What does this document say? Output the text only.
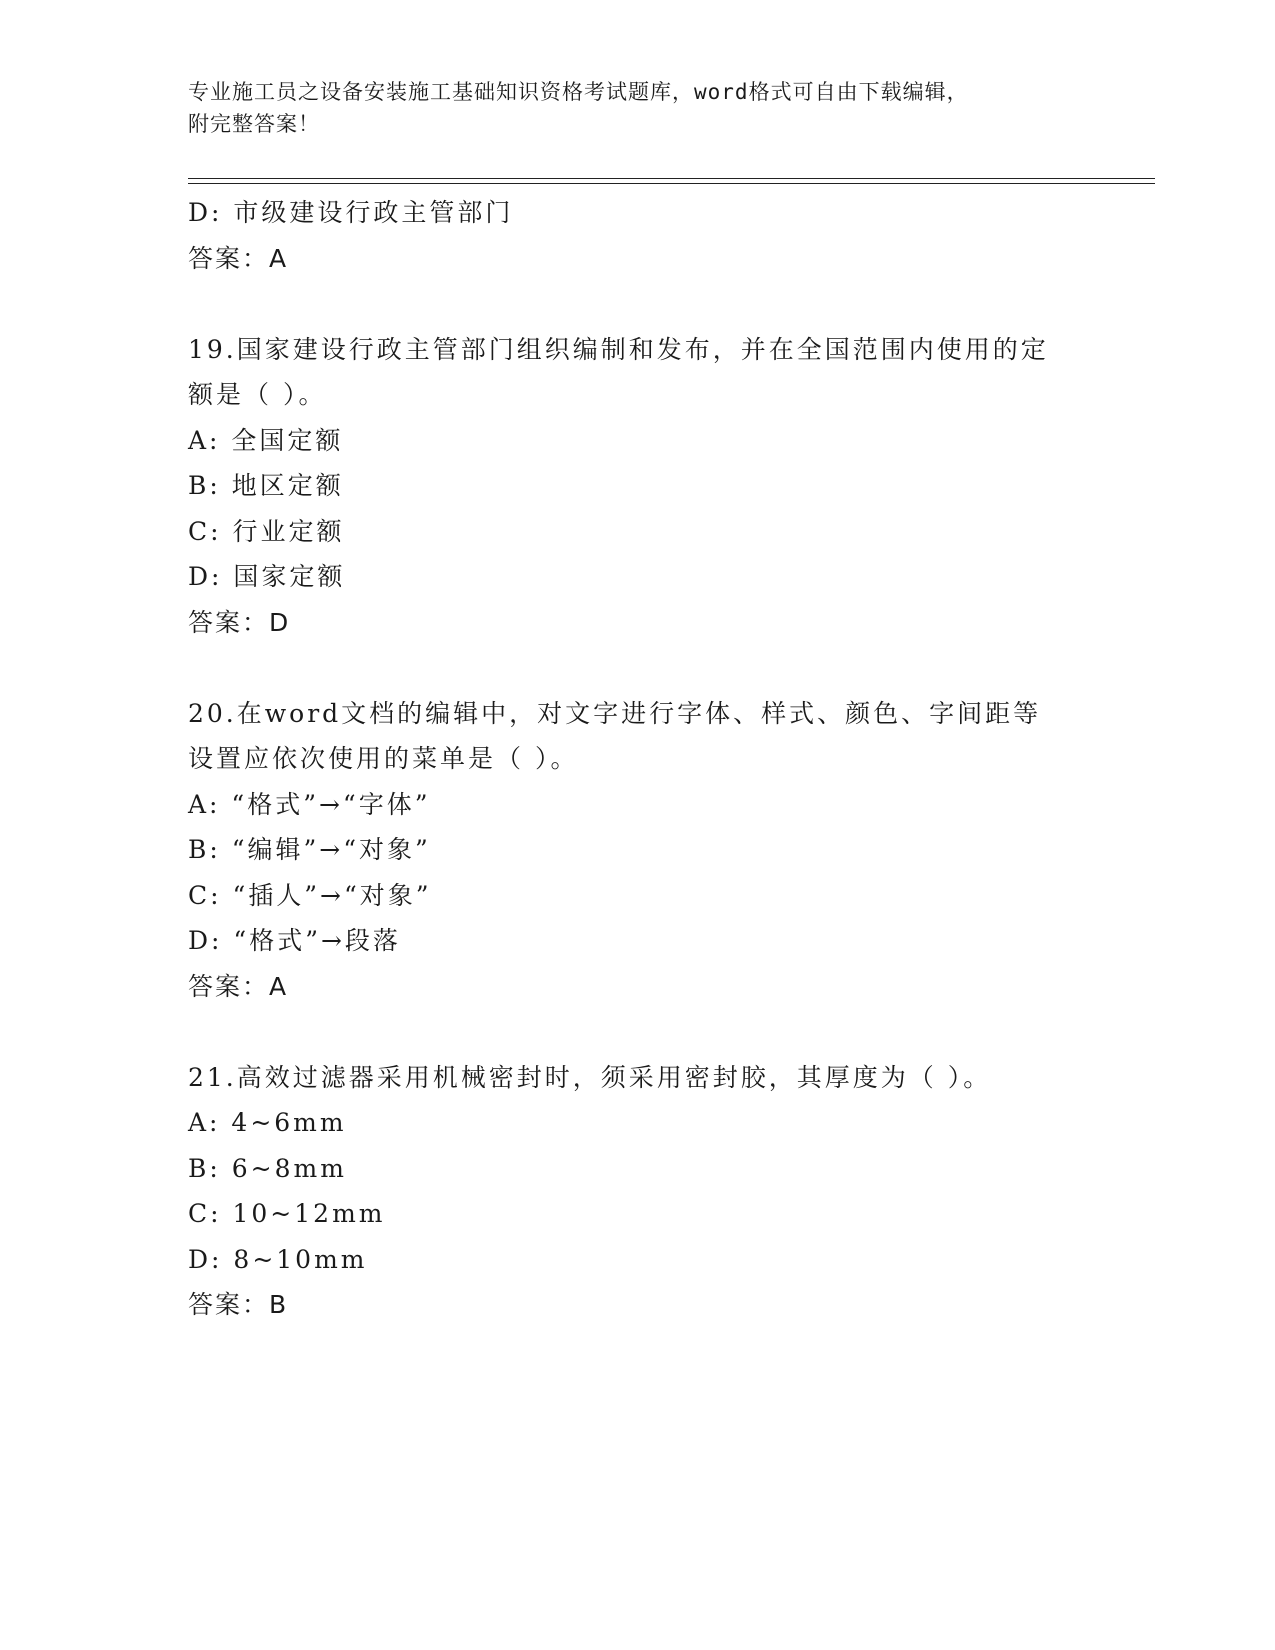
专业施工员之设备安装施工基础知识资格考试题库，word格式可自由下载编辑，
附完整答案！
D: 市级建设行政主管部门
答案：A
19.国家建设行政主管部门组织编制和发布，并在全国范围内使用的定
额是（ ）。
A: 全国定额
B: 地区定额
C: 行业定额
D: 国家定额
答案：D
20.在word文档的编辑中，对文字进行字体、样式、颜色、字间距等
设置应依次使用的菜单是（ ）。
A: “格式”→“字体”
B: “编辑”→“对象”
C: “插人”→“对象”
D: “格式”→段落
答案：A
21.高效过滤器采用机械密封时，须采用密封胶，其厚度为（ ）。
A: 4~6mm
B: 6~8mm
C: 10~12mm
D: 8~10mm
答案：B
